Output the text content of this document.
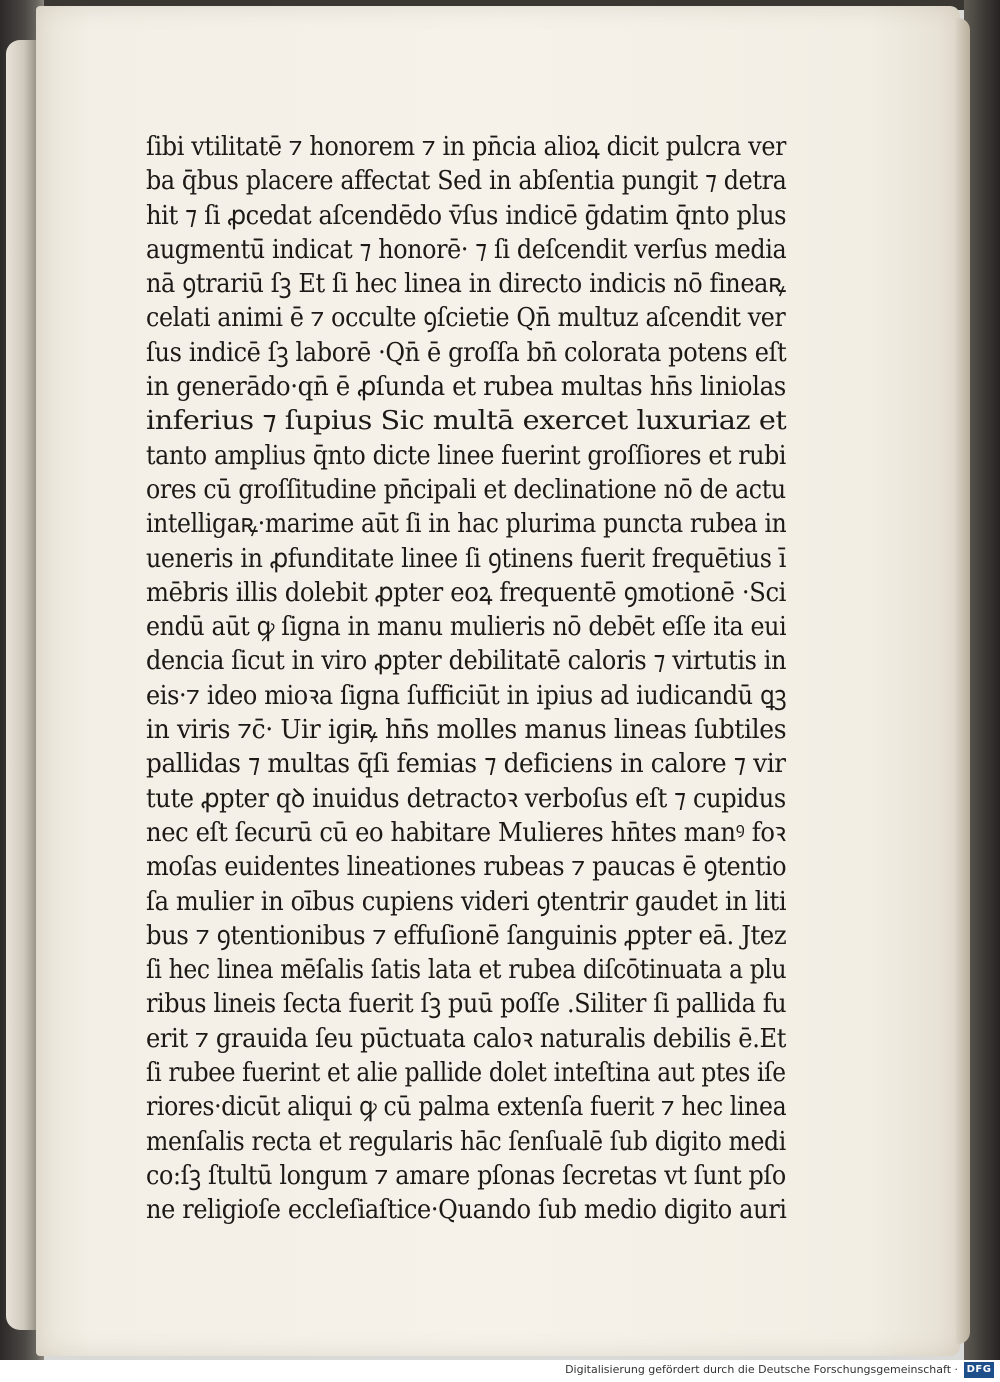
ſibi vtilitatē ⁊ honorem ⁊ in pn̄cia alioꝝ dicit pulcra ver
ba q̄bus placere affectat Sed in abſentia pungit ⁊ detra
hit ⁊ ſi ꝓcedat aſcendēdo v̄ſus indicē ḡdatim q̄nto plus
augmentū̄ indicat ⁊ honorē· ⁊ ſi deſcendit verſus media
nā ꝯtrariū ſꝫ Et ſi hec linea in directo indicis nō fineaꝶ
celati animi ē ⁊ occulte ꝯſcietie Qn̄ multuz aſcendit ver
ſus indicē ſꝫ laborē ·Qn̄ ē groſſa bn̄ colorata potens eſt
in generādo·qn̄ ē ꝓſunda et rubea multas hn̄s liniolas
inferius ⁊ ſupius Sic multā exercet luxuriaz et
tanto amplius q̄nto dicte linee fuerint groſſiores et rubi
ores cū groſſitudine pn̄cipali et declinatione nō de actu
intelligaꝶ·marime aūt ſi in hac plurima puncta rubea in
ueneris in ꝓfunditate linee ſi ꝯtinens fuerit frequētius ī
mēbris illis dolebit ꝓpter eoꝝ frequentē ꝯmotionē ·Sci
endū aūt ꝙ ſigna in manu mulieris nō debēt eſſe ita eui
dencia ſicut in viro ꝓpter debilitatē caloris ⁊ virtutis in
eis·⁊ ideo mioꝛa ſigna ſufficiūt in ipius ad iudicandū ꝗꝫ
in viris ⁊c̄· Uir igiꝶ hn̄s molles manus lineas ſubtiles
pallidas ⁊ multas q̄ſi femias ⁊ deficiens in calore ⁊ vir
tute ꝓpter qꝺ inuidus detractoꝛ verboſus eſt ⁊ cupidus
nec eſt ſecurū cū eo habitare Mulieres hn̄tes manꝰ foꝛ
moſas euidentes lineationes rubeas ⁊ paucas ē ꝯtentio
ſa mulier in oībus cupiens videri ꝯtentrir gaudet in liti
bus ⁊ ꝯtentionibus ⁊ effuſionē ſanguinis ꝓpter eā. Jtez
ſi hec linea mēſalis ſatis lata et rubea diſcōtinuata a plu
ribus lineis ſecta fuerit ſꝫ puū poſſe .Siliter ſi pallida fu
erit ⁊ grauida ſeu pūctuata caloꝛ naturalis debilis ē.Et
ſi rubee fuerint et alie pallide dolet inteſtina aut ptes iſe
riores·dicūt aliqui ꝙ cū palma extenſa fuerit ⁊ hec linea
menſalis recta et regularis hāc ſenſualē ſub digito medi
co:ſꝫ ſtultū longum ⁊ amare pſonas ſecretas vt ſunt pſo
ne religioſe eccleſiaſtice·Quando ſub medio digito auri
Digitalisierung gefördert durch die Deutsche Forschungsgemeinschaft · DFG
